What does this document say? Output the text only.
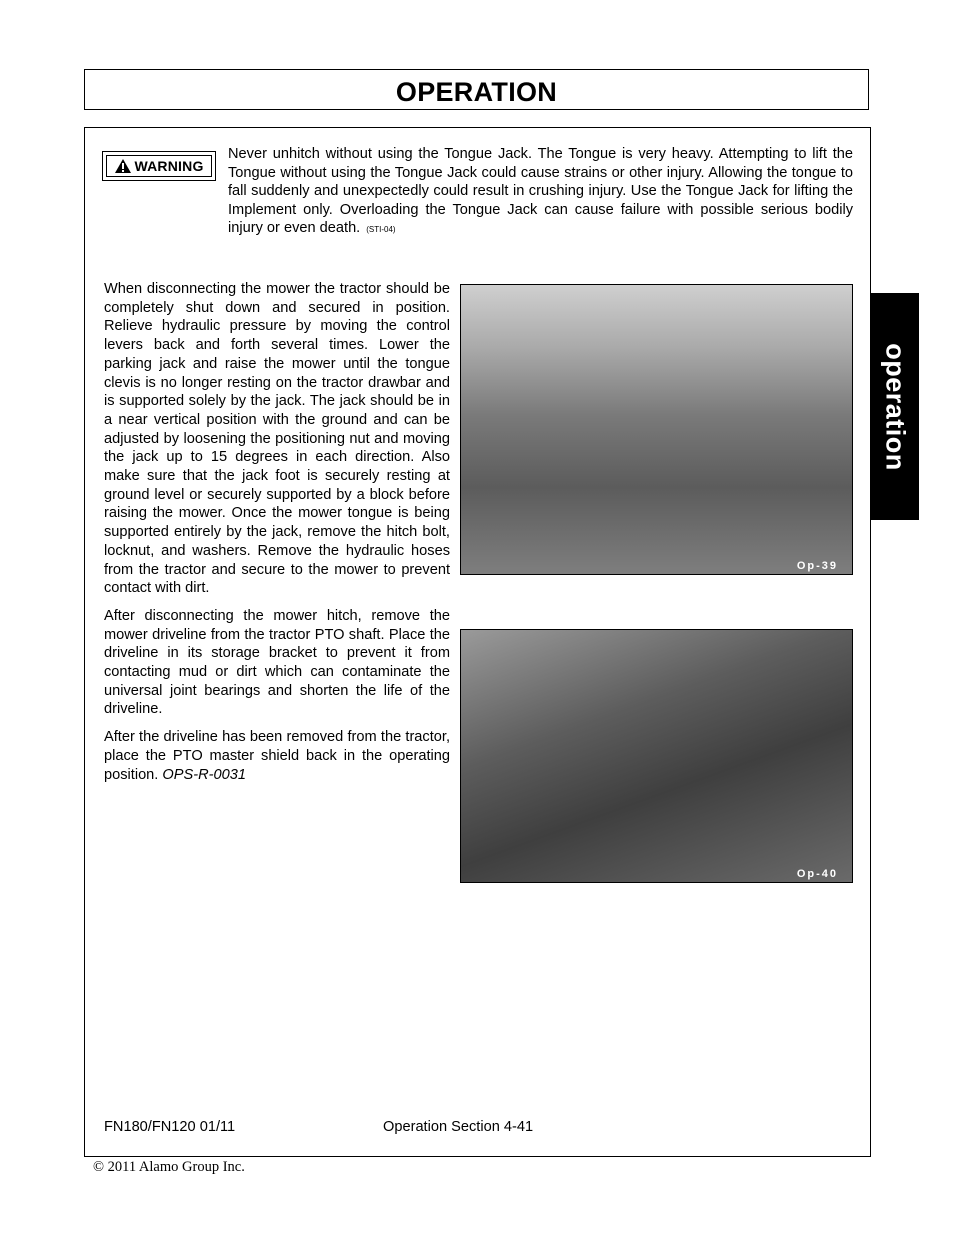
OPERATION
operation
WARNING
Never unhitch without using the Tongue Jack. The Tongue is very heavy. Attempting to lift the Tongue without using the Tongue Jack could cause strains or other injury. Allowing the tongue to fall suddenly and unexpectedly could result in crushing injury. Use the Tongue Jack for lifting the Implement only. Overloading the Tongue Jack can cause failure with possible serious bodily injury or even death. (STI-04)

When disconnecting the mower the tractor should be completely shut down and secured in position. Relieve hydraulic pressure by moving the control levers back and forth several times. Lower the parking jack and raise the mower until the tongue clevis is no longer resting on the tractor drawbar and is supported solely by the jack. The jack should be in a near vertical position with the ground and can be adjusted by loosening the positioning nut and moving the jack up to 15 degrees in each direction. Also make sure that the jack foot is securely resting at ground level or securely supported by a block before raising the mower. Once the mower tongue is being supported entirely by the jack, remove the hitch bolt, locknut, and washers. Remove the hydraulic hoses from the tractor and secure to the mower to prevent contact with dirt.

After disconnecting the mower hitch, remove the mower driveline from the tractor PTO shaft. Place the driveline in its storage bracket to prevent it from contacting mud or dirt which can contaminate the universal joint bearings and shorten the life of the driveline.

After the driveline has been removed from the tractor, place the PTO master shield back in the operating position. OPS-R-0031

Op-39
Op-40
FN180/FN120 01/11	Operation Section 4-41
© 2011 Alamo Group Inc.
